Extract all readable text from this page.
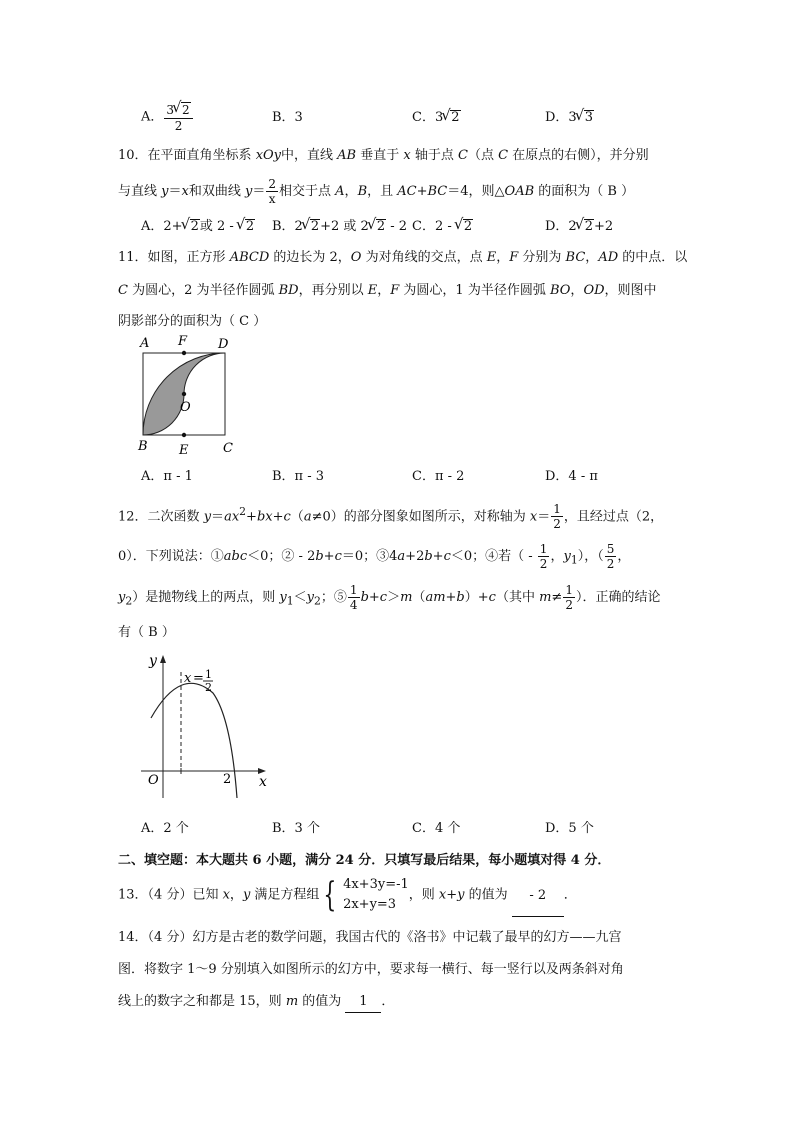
A． $\frac{3 √ 2}{2}$	B．3	C．3 √ 2	D．3 √ 3
10．在平面直角坐标系 xOy中，直线 AB 垂直于 x 轴于点 C（点 C 在原点的右侧），并分别
与直线 y＝x和双曲线 $y= \frac{2}{x}$ 相交于点 A，B，且 AC+BC＝4，则△OAB 的面积为（ B ）
A．2+ √ 2或 2 - √ 2 B．2 √ 2+2 或 2 √ 2 - 2 C．2 - √ 2	D．2 √ 2+2
11．如图，正方形 ABCD 的边长为 2，O 为对角线的交点，点 E，F 分别为 BC，AD 的中点．以
C 为圆心，2 为半径作圆弧 BD，再分别以 E，F 为圆心，1 为半径作圆弧 BO，OD，则图中
阴影部分的面积为（ C ）
A F D
O
B E	C
A．π - 1	B．π - 3	C．π - 2	D．4 - π
12．二次函数 $y=ax^2+bx+c(a\ne 0)$的部分图象如图所示，对称轴为 $x= \frac{1}{2}$ ，且经过点（2，
0）．下列说法：①abc＜0；② - 2b+c＝0；③4a+2b+c＜0；④若（ - $\frac{1}{2}$ ，$y_1$），（ $\frac{5}{2}$ ，
$y_2$）是抛物线上的两点，则 $y_1<y_2$；⑤ $\frac{1}{4} b+c>m(am+b)+c$（其中 $m\ne \frac{1}{2}$ ）．正确的结论
有（ B ）
y
x
O	2
x = 1
2
A．2 个	B．3 个	C．4 个	D．5 个
二、填空题：本大题共 6 小题，满分 24 分．只填写最后结果，每小题填对得 4 分．
13．（4 分）已知 x，y 满足方程组 { 4x+3y=-1
2x+y=3
，则 x+y 的值为 - 2．
14．（4 分）幻方是古老的数学问题，我国古代的《洛书》中记载了最早的幻方——九宫
图．将数字 1～9 分别填入如图所示的幻方中，要求每一横行、每一竖行以及两条斜对角
线上的数字之和都是 15，则 m 的值为 1 ．
